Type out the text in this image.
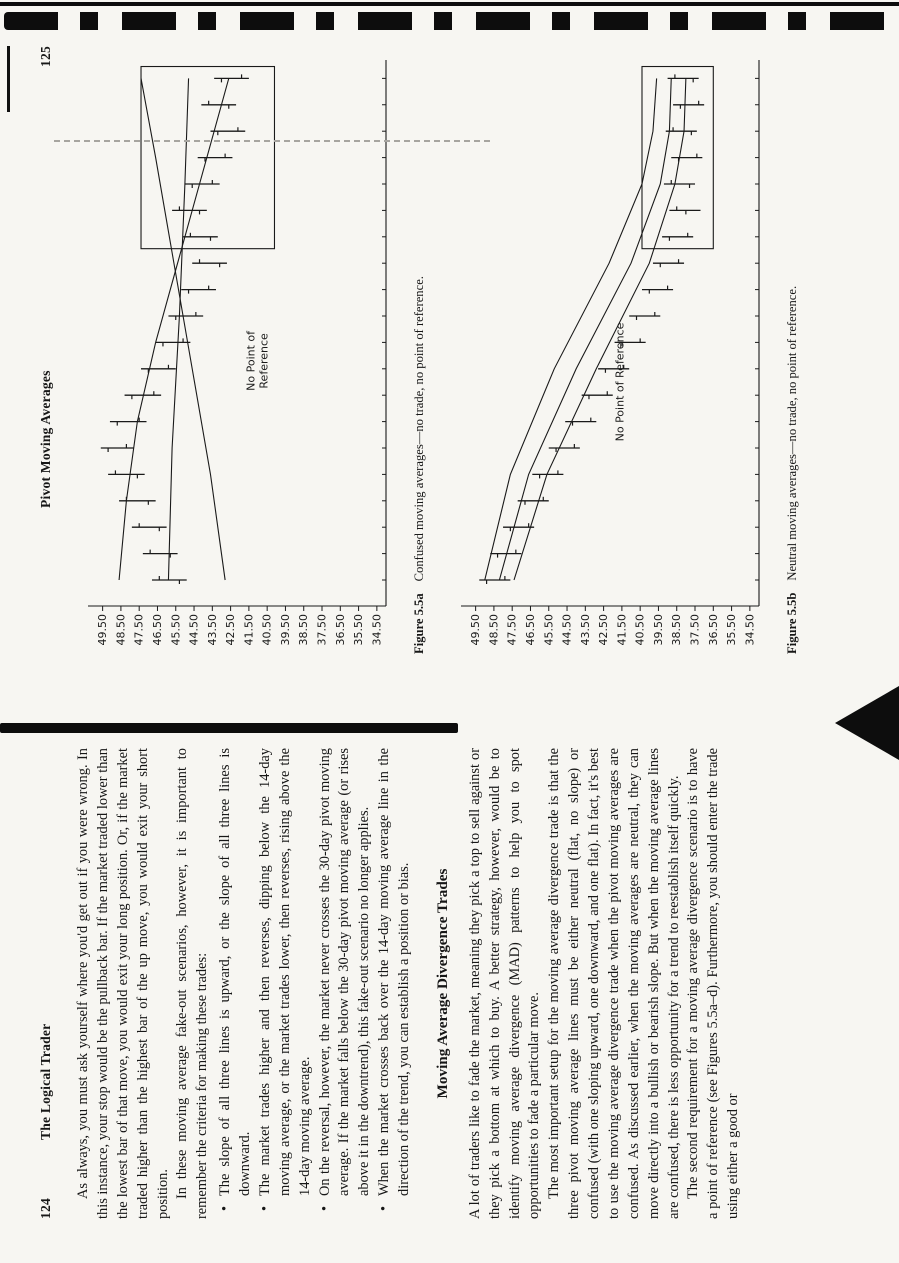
124
The Logical Trader As always, you must ask yourself where you'd get out if you were wrong. In this instance, your stop would be the pullback bar. If the market traded lower than the lowest bar of that move, you would exit your long position. Or, if the market traded higher than the highest bar of the up move, you would exit your short position. In these moving average fake-out scenarios, however, it is important to remember the criteria for making these trades: • The slope of all three lines is upward, or the slope of all three lines is downward. • The market trades higher and then reverses, dipping below the 14-day moving average, or the market trades lower, then reverses, rising above the 14-day moving average. • On the reversal, however, the market never crosses the 30-day pivot moving average. If the market falls below the 30-day pivot moving average (or rises above it in the downtrend), this fake-out scenario no longer applies. • When the market crosses back over the 14-day moving average line in the direction of the trend, you can establish a position or bias. Moving Average Divergence Trades A lot of traders like to fade the market, meaning they pick a top to sell against or they pick a bottom at which to buy. A better strategy, however, would be to identify moving average divergence (MAD) patterns to help you to spot opportunities to fade a particular move. The most important setup for the moving average divergence trade is that the three pivot moving average lines must be either neutral (flat, no slope) or confused (with one sloping upward, one downward, and one flat). In fact, it's best to use the moving average divergence trade when the pivot moving averages are confused. As discussed earlier, when the moving averages are neutral, they can move directly into a bullish or bearish slope. But when the moving average lines are confused, there is less opportunity for a trend to reestablish itself quickly. The second requirement for a moving average divergence scenario is to have a point of reference (see Figures 5.5a–d). Furthermore, you should enter the trade using either a good or

Pivot Moving Averages
125
49.50 48.50 47.50 46.50 45.50 44.50 43.50 42.50 41.50 40.50 39.50 38.50 37.50 36.50 35.50 34.50
No Point of Reference
Figure 5.5aConfused moving averages—no trade, no point of reference.
49.50 48.50 47.50 46.50 45.50 44.50 43.50 42.50 41.50 40.50 39.50 38.50 37.50 36.50 35.50 34.50
No Point of Reference
Figure 5.5bNeutral moving averages—no trade, no point of reference.
